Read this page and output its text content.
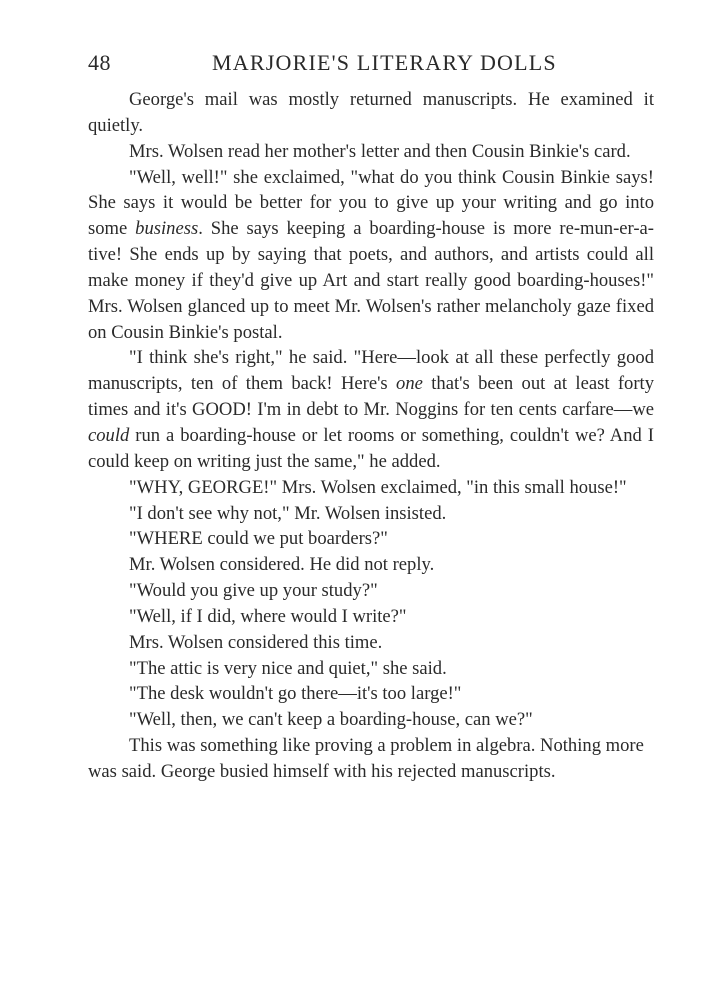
48	MARJORIE'S LITERARY DOLLS

George's mail was mostly returned manuscripts. He examined it quietly.

Mrs. Wolsen read her mother's letter and then Cousin Binkie's card.

"Well, well!" she exclaimed, "what do you think Cousin Binkie says! She says it would be better for you to give up your writing and go into some business. She says keeping a boarding-house is more re-mun-er-a-tive! She ends up by saying that poets, and authors, and artists could all make money if they'd give up Art and start really good boarding-houses!" Mrs. Wolsen glanced up to meet Mr. Wolsen's rather melancholy gaze fixed on Cousin Binkie's postal.

"I think she's right," he said. "Here—look at all these perfectly good manuscripts, ten of them back! Here's one that's been out at least forty times and it's GOOD! I'm in debt to Mr. Noggins for ten cents carfare—we could run a boarding-house or let rooms or something, couldn't we? And I could keep on writing just the same," he added.

"WHY, GEORGE!" Mrs. Wolsen exclaimed, "in this small house!"

"I don't see why not," Mr. Wolsen insisted.

"WHERE could we put boarders?"

Mr. Wolsen considered. He did not reply.

"Would you give up your study?"

"Well, if I did, where would I write?"

Mrs. Wolsen considered this time.

"The attic is very nice and quiet," she said.

"The desk wouldn't go there—it's too large!"

"Well, then, we can't keep a boarding-house, can we?"

This was something like proving a problem in algebra. Nothing more was said. George busied himself with his rejected manuscripts.
